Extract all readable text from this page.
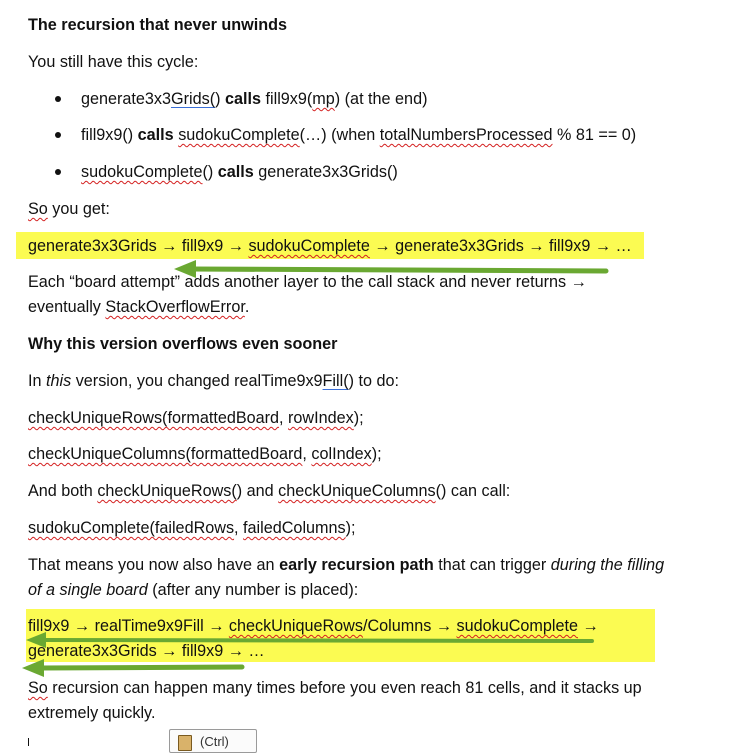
The recursion that never unwinds
You still have this cycle:
generate3x3Grids() calls fill9x9(mp) (at the end)
fill9x9() calls sudokuComplete(…) (when totalNumbersProcessed % 81 == 0)
sudokuComplete() calls generate3x3Grids()
So you get:
generate3x3Grids → fill9x9 → sudokuComplete → generate3x3Grids → fill9x9 → …
Each “board attempt” adds another layer to the call stack and never returns →
eventually StackOverflowError.
Why this version overflows even sooner
In this version, you changed realTime9x9Fill() to do:
checkUniqueRows(formattedBoard, rowIndex);
checkUniqueColumns(formattedBoard, colIndex);
And both checkUniqueRows() and checkUniqueColumns() can call:
sudokuComplete(failedRows, failedColumns);
That means you now also have an early recursion path that can trigger during the filling
of a single board (after any number is placed):
fill9x9 → realTime9x9Fill → checkUniqueRows/Columns → sudokuComplete →
generate3x3Grids → fill9x9 → …
So recursion can happen many times before you even reach 81 cells, and it stacks up
extremely quickly.
(Ctrl)
